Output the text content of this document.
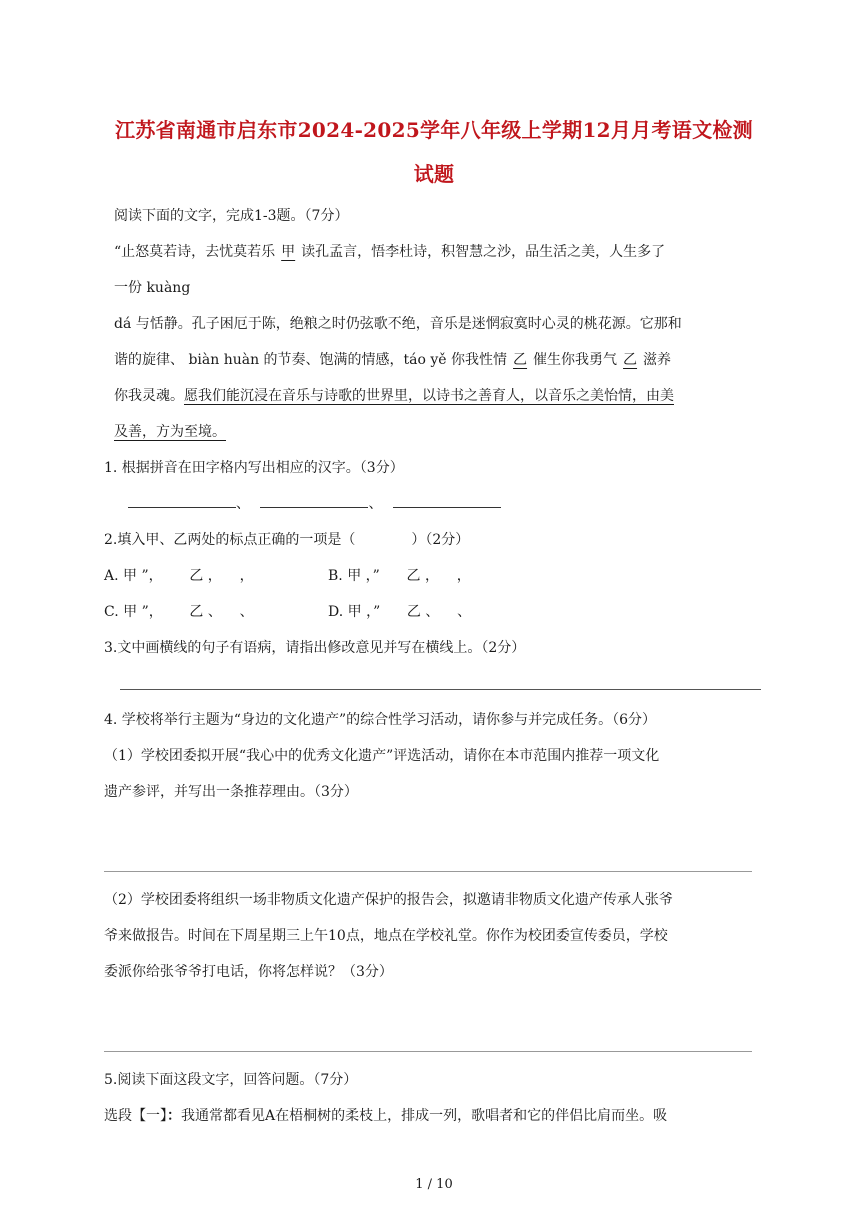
江苏省南通市启东市2024-2025学年八年级上学期12月月考语文检测
试题
阅读下面的文字，完成1-3题。（7分）
“止怒莫若诗，去忧莫若乐 甲 读孔孟言，悟李杜诗，积智慧之沙，品生活之美，人生多了
一份 kuàng
dá 与恬静。孔子困厄于陈，绝粮之时仍弦歌不绝，音乐是迷惘寂寞时心灵的桃花源。它那和
谐的旋律、 biàn huàn 的节奏、饱满的情感，táo yě 你我性情 乙 催生你我勇气 乙 滋养
你我灵魂。愿我们能沉浸在音乐与诗歌的世界里，以诗书之善育人，以音乐之美怡情，由美
及善，方为至境。
1. 根据拼音在田字格内写出相应的汉字。（3分）
、	、
2.填入甲、乙两处的标点正确的一项是（	）（2分）
A. 甲 ”，      乙 ，    ，	B. 甲 ，”      乙 ，    ，
C. 甲 ”，      乙 、    、	D. 甲 ，”      乙 、    、
3.文中画横线的句子有语病，请指出修改意见并写在横线上。（2分）
4. 学校将举行主题为“身边的文化遗产”的综合性学习活动，请你参与并完成任务。（6分）
（1）学校团委拟开展“我心中的优秀文化遗产”评选活动，请你在本市范围内推荐一项文化
遗产参评，并写出一条推荐理由。（3分）
（2）学校团委将组织一场非物质文化遗产保护的报告会，拟邀请非物质文化遗产传承人张爷
爷来做报告。时间在下周星期三上午10点，地点在学校礼堂。你作为校团委宣传委员，学校
委派你给张爷爷打电话，你将怎样说？（3分）
5.阅读下面这段文字，回答问题。（7分）
选段【一】：我通常都看见A在梧桐树的柔枝上，排成一列，歌唱者和它的伴侣比肩而坐。吸
1 / 10
